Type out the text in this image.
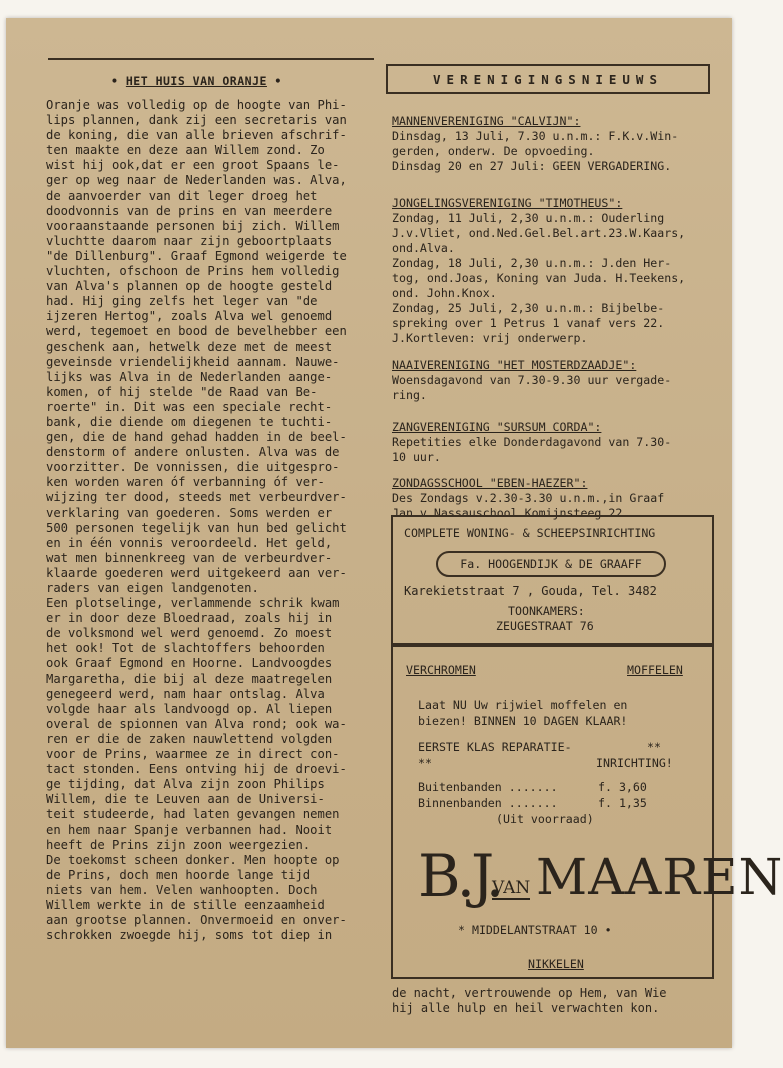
• HET HUIS VAN ORANJE •
Oranje was volledig op de hoogte van Phi-
lips plannen, dank zij een secretaris van
de koning, die van alle brieven afschrif-
ten maakte en deze aan Willem zond. Zo
wist hij ook,dat er een groot Spaans le-
ger op weg naar de Nederlanden was. Alva,
de aanvoerder van dit leger droeg het
doodvonnis van de prins en van meerdere
vooraanstaande personen bij zich. Willem
vluchtte daarom naar zijn geboortplaats
"de Dillenburg". Graaf Egmond weigerde te
vluchten, ofschoon de Prins hem volledig
van Alva's plannen op de hoogte gesteld
had. Hij ging zelfs het leger van "de
ijzeren Hertog", zoals Alva wel genoemd
werd, tegemoet en bood de bevelhebber een
geschenk aan, hetwelk deze met de meest
geveinsde vriendelijkheid aannam. Nauwe-
lijks was Alva in de Nederlanden aange-
komen, of hij stelde "de Raad van Be-
roerte" in. Dit was een speciale recht-
bank, die diende om diegenen te tuchti-
gen, die de hand gehad hadden in de beel-
denstorm of andere onlusten. Alva was de
voorzitter. De vonnissen, die uitgespro-
ken worden waren óf verbanning óf ver-
wijzing ter dood, steeds met verbeurdver-
verklaring van goederen. Soms werden er
500 personen tegelijk van hun bed gelicht
en in één vonnis veroordeeld. Het geld,
wat men binnenkreeg van de verbeurdver-
klaarde goederen werd uitgekeerd aan ver-
raders van eigen landgenoten.
Een plotselinge, verlammende schrik kwam
er in door deze Bloedraad, zoals hij in
de volksmond wel werd genoemd. Zo moest
het ook! Tot de slachtoffers behoorden
ook Graaf Egmond en Hoorne. Landvoogdes
Margaretha, die bij al deze maatregelen
genegeerd werd, nam haar ontslag. Alva
volgde haar als landvoogd op. Al liepen
overal de spionnen van Alva rond; ook wa-
ren er die de zaken nauwlettend volgden
voor de Prins, waarmee ze in direct con-
tact stonden. Eens ontving hij de droevi-
ge tijding, dat Alva zijn zoon Philips
Willem, die te Leuven aan de Universi-
teit studeerde, had laten gevangen nemen
en hem naar Spanje verbannen had. Nooit
heeft de Prins zijn zoon weergezien.
De toekomst scheen donker. Men hoopte op
de Prins, doch men hoorde lange tijd
niets van hem. Velen wanhoopten. Doch
Willem werkte in de stille eenzaamheid
aan grootse plannen. Onvermoeid en onver-
schrokken zwoegde hij, soms tot diep in
VERENIGINGSNIEUWS
MANNENVERENIGING "CALVIJN":
Dinsdag, 13 Juli, 7.30 u.n.m.: F.K.v.Win-
gerden, onderw. De opvoeding.
Dinsdag 20 en 27 Juli: GEEN VERGADERING.
JONGELINGSVERENIGING "TIMOTHEUS":
Zondag, 11 Juli, 2,30 u.n.m.: Ouderling
J.v.Vliet, ond.Ned.Gel.Bel.art.23.W.Kaars,
ond.Alva.
Zondag, 18 Juli, 2,30 u.n.m.: J.den Her-
tog, ond.Joas, Koning van Juda. H.Teekens,
ond. John.Knox.
Zondag, 25 Juli, 2,30 u.n.m.: Bijbelbe-
spreking over 1 Petrus 1 vanaf vers 22.
J.Kortleven: vrij onderwerp.
NAAIVERENIGING "HET MOSTERDZAADJE":
Woensdagavond van 7.30-9.30 uur vergade-
ring.
ZANGVERENIGING "SURSUM CORDA":
Repetities elke Donderdagavond van 7.30-
10 uur.
ZONDAGSSCHOOL "EBEN-HAEZER":
Des Zondags v.2.30-3.30 u.n.m.,in Graaf
Jan v.Nassauschool.Komijnsteeg 22.
COMPLETE WONING- & SCHEEPSINRICHTING
Fa. HOOGENDIJK & DE GRAAFF
Karekietstraat 7 , Gouda, Tel. 3482
TOONKAMERS:
ZEUGESTRAAT 76
VERCHROMEN	MOFFELEN
Laat NU Uw rijwiel moffelen en
biezen! BINNEN 10 DAGEN KLAAR!
EERSTE KLAS REPARATIE-	**
**	INRICHTING!
Buitenbanden .......	f. 3,60
Binnenbanden .......	f. 1,35
(Uit voorraad)
B.J.
VAN MAAREN
* MIDDELANTSTRAAT 10 •
NIKKELEN
de nacht, vertrouwende op Hem, van Wie
hij alle hulp en heil verwachten kon.
